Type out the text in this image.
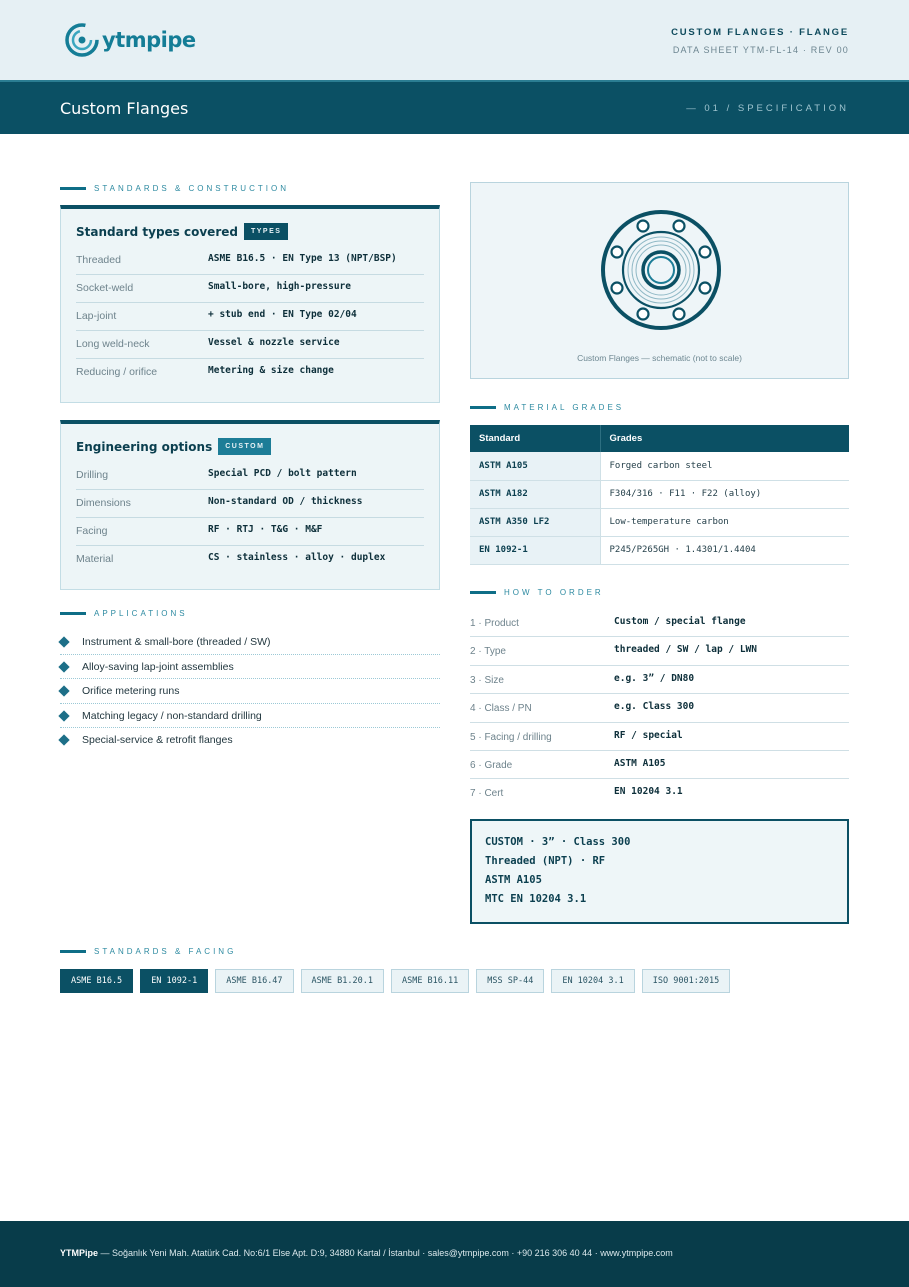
ytmpipe	CUSTOM FLANGES · FLANGE
DATA SHEET YTM-FL-14 · REV 00
Custom Flanges	— 01 / SPECIFICATION
STANDARDS & CONSTRUCTION
Standard types covered	TYPES
Threaded	ASME B16.5 · EN Type 13 (NPT/BSP)
Socket-weld	Small-bore, high-pressure
Lap-joint	+ stub end · EN Type 02/04
Long weld-neck	Vessel & nozzle service
Reducing / orifice	Metering & size change
Engineering options	CUSTOM
Drilling	Special PCD / bolt pattern
Dimensions	Non-standard OD / thickness
Facing	RF · RTJ · T&G · M&F
Material	CS · stainless · alloy · duplex
APPLICATIONS
Instrument & small-bore (threaded / SW)
Alloy-saving lap-joint assemblies
Orifice metering runs
Matching legacy / non-standard drilling
Special-service & retrofit flanges
Custom Flanges — schematic (not to scale)
MATERIAL GRADES
Standard	Grades
ASTM A105	Forged carbon steel
ASTM A182	F304/316 · F11 · F22 (alloy)
ASTM A350 LF2	Low-temperature carbon
EN 1092-1	P245/P265GH · 1.4301/1.4404
HOW TO ORDER
1 · Product	Custom / special flange
2 · Type	threaded / SW / lap / LWN
3 · Size	e.g. 3” / DN80
4 · Class / PN	e.g. Class 300
5 · Facing / drilling	RF / special
6 · Grade	ASTM A105
7 · Cert	EN 10204 3.1
CUSTOM · 3” · Class 300
Threaded (NPT) · RF
ASTM A105
MTC EN 10204 3.1
STANDARDS & FACING
ASME B16.5	EN 1092-1	ASME B16.47	ASME B1.20.1	ASME B16.11	MSS SP-44	EN 10204 3.1	ISO 9001:2015
YTMPipe — Soğanlık Yeni Mah. Atatürk Cad. No:6/1 Else Apt. D:9, 34880 Kartal / İstanbul · sales@ytmpipe.com · +90 216 306 40 44 · www.ytmpipe.com
